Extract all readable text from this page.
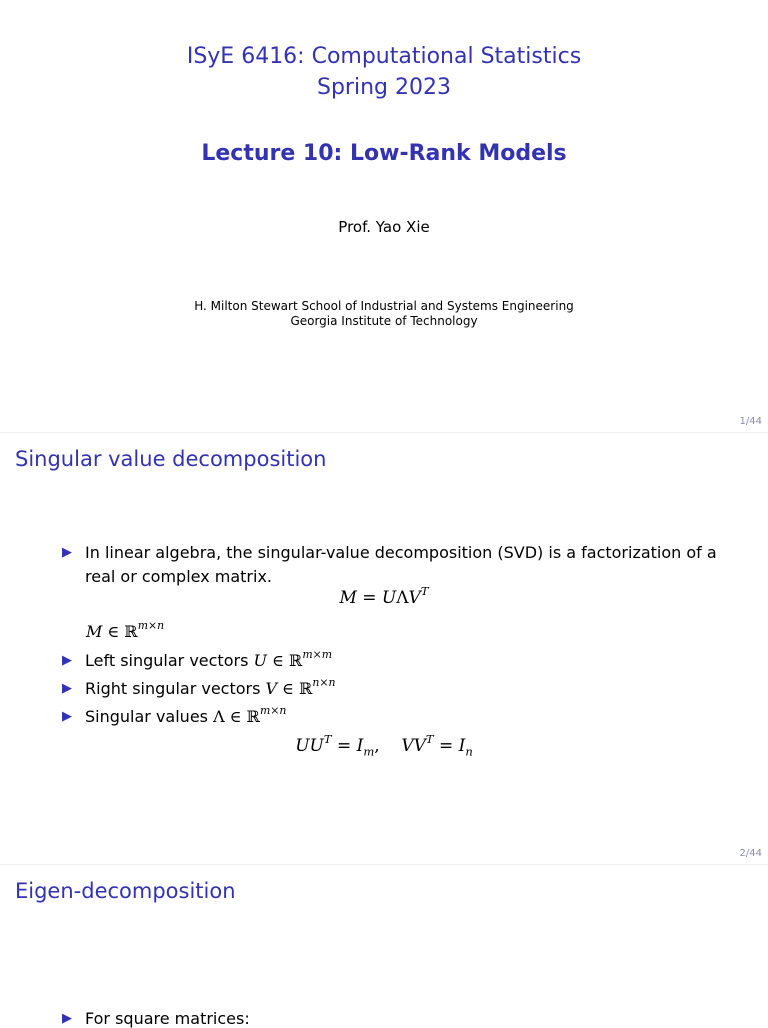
ISyE 6416: Computational Statistics
Spring 2023
Lecture 10: Low-Rank Models
Prof. Yao Xie
H. Milton Stewart School of Industrial and Systems Engineering
Georgia Institute of Technology
1/44
Singular value decomposition
▶ In linear algebra, the singular-value decomposition (SVD) is a factorization of a
real or complex matrix.
$M = U\Lambda V^T$
M ∈ ℝ$^{m\times n}$
▶ Left singular vectors U ∈ ℝ$^{m\times m}$
▶ Right singular vectors V ∈ ℝ$^{n\times n}$
▶ Singular values Λ ∈ ℝ$^{m\times n}$
$UU^T = I_m$,    $VV^T = I_n$
2/44
Eigen-decomposition
▶ For square matrices:
